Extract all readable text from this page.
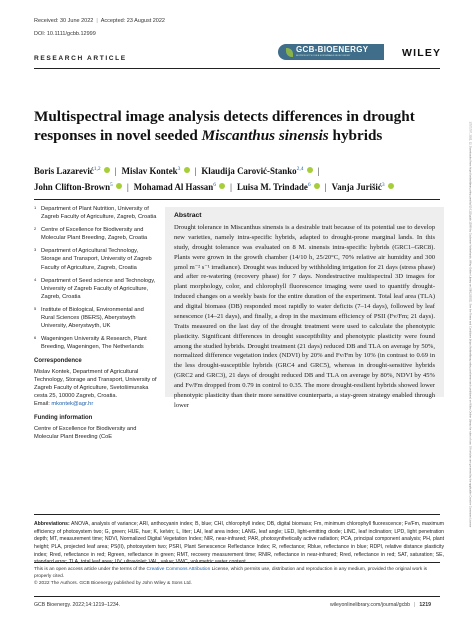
17571707, 2022, 12, Downloaded from https://onlinelibrary.wiley.com/doi/10.1111/gcbb.12999 by Cochrane Netherlands, Wiley Online Library on [08/12/2022]. See the Terms and Conditions (https://onlinelibrary.wiley.com/terms-and-conditions) on Wiley Online Library for rules of use; OA articles are governed by the applicable Creative Commons License
Received: 30 June 2022 | Accepted: 23 August 2022
DOI: 10.1111/gcbb.12999
GCB-BIOENERGY
BIOPRODUCTS FOR A SUSTAINABLE BIOECONOMY	WILEY
RESEARCH ARTICLE
Multispectral image analysis detects differences in drought responses in novel seeded Miscanthus sinensis hybrids
Boris Lazarević$^{1,2}$ | Mislav Kontek$^3$ | Klaudija Carović-Stanko$^{2,4}$ |
John Clifton-Brown$^5$ | Mohamad Al Hassan$^6$ | Luisa M. Trindade$^6$ | Vanja Jurišić$^3$

1 Department of Plant Nutrition, University of Zagreb Faculty of Agriculture, Zagreb, Croatia

2 Centre of Excellence for Biodiversity and Molecular Plant Breeding, Zagreb, Croatia

3 Department of Agricultural Technology, Storage and Transport, University of Zagreb Faculty of Agriculture, Zagreb, Croatia

4 Department of Seed science and Technology, University of Zagreb Faculty of Agriculture, Zagreb, Croatia

5 Institute of Biological, Environmental and Rural Sciences (IBERS), Aberystwyth University, Aberystwyth, UK

6 Wageningen University & Research, Plant Breeding, Wageningen, The Netherlands

Correspondence

Mislav Kontek, Department of Agricultural Technology, Storage and Transport, University of Zagreb Faculty of Agriculture, Svetošimunska cesta 25, 10000 Zagreb, Croatia.
Email: mkontek@agr.hr

Funding information

Centre of Excellence for Biodiversity and Molecular Plant Breeding (CoE

Abstract
Drought tolerance in Miscanthus sinensis is a desirable trait because of its potential use to develop new varieties, namely intra-specific hybrids, adapted to drought-prone marginal lands. In this study, drought tolerance was evaluated on 8 M. sinensis intra-specific hybrids (GRC1–GRC8). Plants were grown in the growth chamber (14/10 h, 25/20°C, 70% relative air humidity and 300 µmol m⁻² s⁻¹ irradiance). Drought was induced by withholding irrigation for 21 days (stress phase) and after re-watering (recovery phase) for 7 days. Nondestructive multispectral 3D images for plant morphology, color, and chlorophyll fluorescence imaging were used to quantify drought-induced changes on a weekly basis for the entire duration of the experiment. Total leaf area (TLA) and digital biomass (DB) responded most rapidly to water deficits (7–14 days), followed by leaf senescence (14–21 days), and finally, a drop in the maximum efficiency of PSII (Fv/Fm; 21 days). Traits measured on the last day of the drought treatment were used to calculate the phenotypic plasticity. Significant differences in drought susceptibility and phenotypic plasticity were found among the studied hybrids. Drought treatment (21 days) reduced DB and TLA on average by 50%, normalized difference vegetation index (NDVI) by 20% and Fv/Fm by 10% (in contrast to 0.69 in the less drought-susceptible hybrids (GRC4 and GRC5), whereas in drought-sensitive hybrids (GRC2 and GRC3), 21 days of drought reduced DB and TLA on average by 80%, NDVI by 45% and Fv/Fm dropped from 0.79 in control to 0.35. The more drought-resilient hybrids showed lower phenotypic plasticity than their more sensitive counterparts, a stay-green strategy enabled through lower
Abbreviations: ANOVA, analysis of variance; ARI, anthocyanin index; B, blue; CHI, chlorophyll index; DB, digital biomass; Fm, minimum chlorophyll fluorescence; Fv/Fm, maximum efficiency of photosystem two; G, green; HUE, hue; K, kelvin; L, liter; LAI, leaf area index; LANG, leaf angle; LED, light-emitting diode; LINC, leaf inclination; LPD, light penetration depth; MT, measurement time; NDVI, Normalized Digital Vegetation Index; NIR, near-infrared; PAR, photosynthetically active radiation; PCA, principal component analysis; PH, plant height; PLA, projected leaf area; PS(II), photosystem two; PSRI, Plant Senescence Reflectance Index; R, reflectance; Rblue, reflectance in blue; RDPI, relative distance plasticity index; Rred, reflectance in red; Rgreen, reflectance in green; RMT, recovery measurement time; RNIR, reflectance in near-infrared; Rred, reflectance in red; SAT, saturation; SE, standard error; TLA, total leaf area; UV, ultraviolet; VAL, value; VWC, volumetric water content.
This is an open access article under the terms of the Creative Commons Attribution License, which permits use, distribution and reproduction in any medium, provided the original work is properly cited.
© 2022 The Authors. GCB Bioenergy published by John Wiley & Sons Ltd.
GCB Bioenergy. 2022;14:1219–1234.	wileyonlinelibrary.com/journal/gcbb | 1219
